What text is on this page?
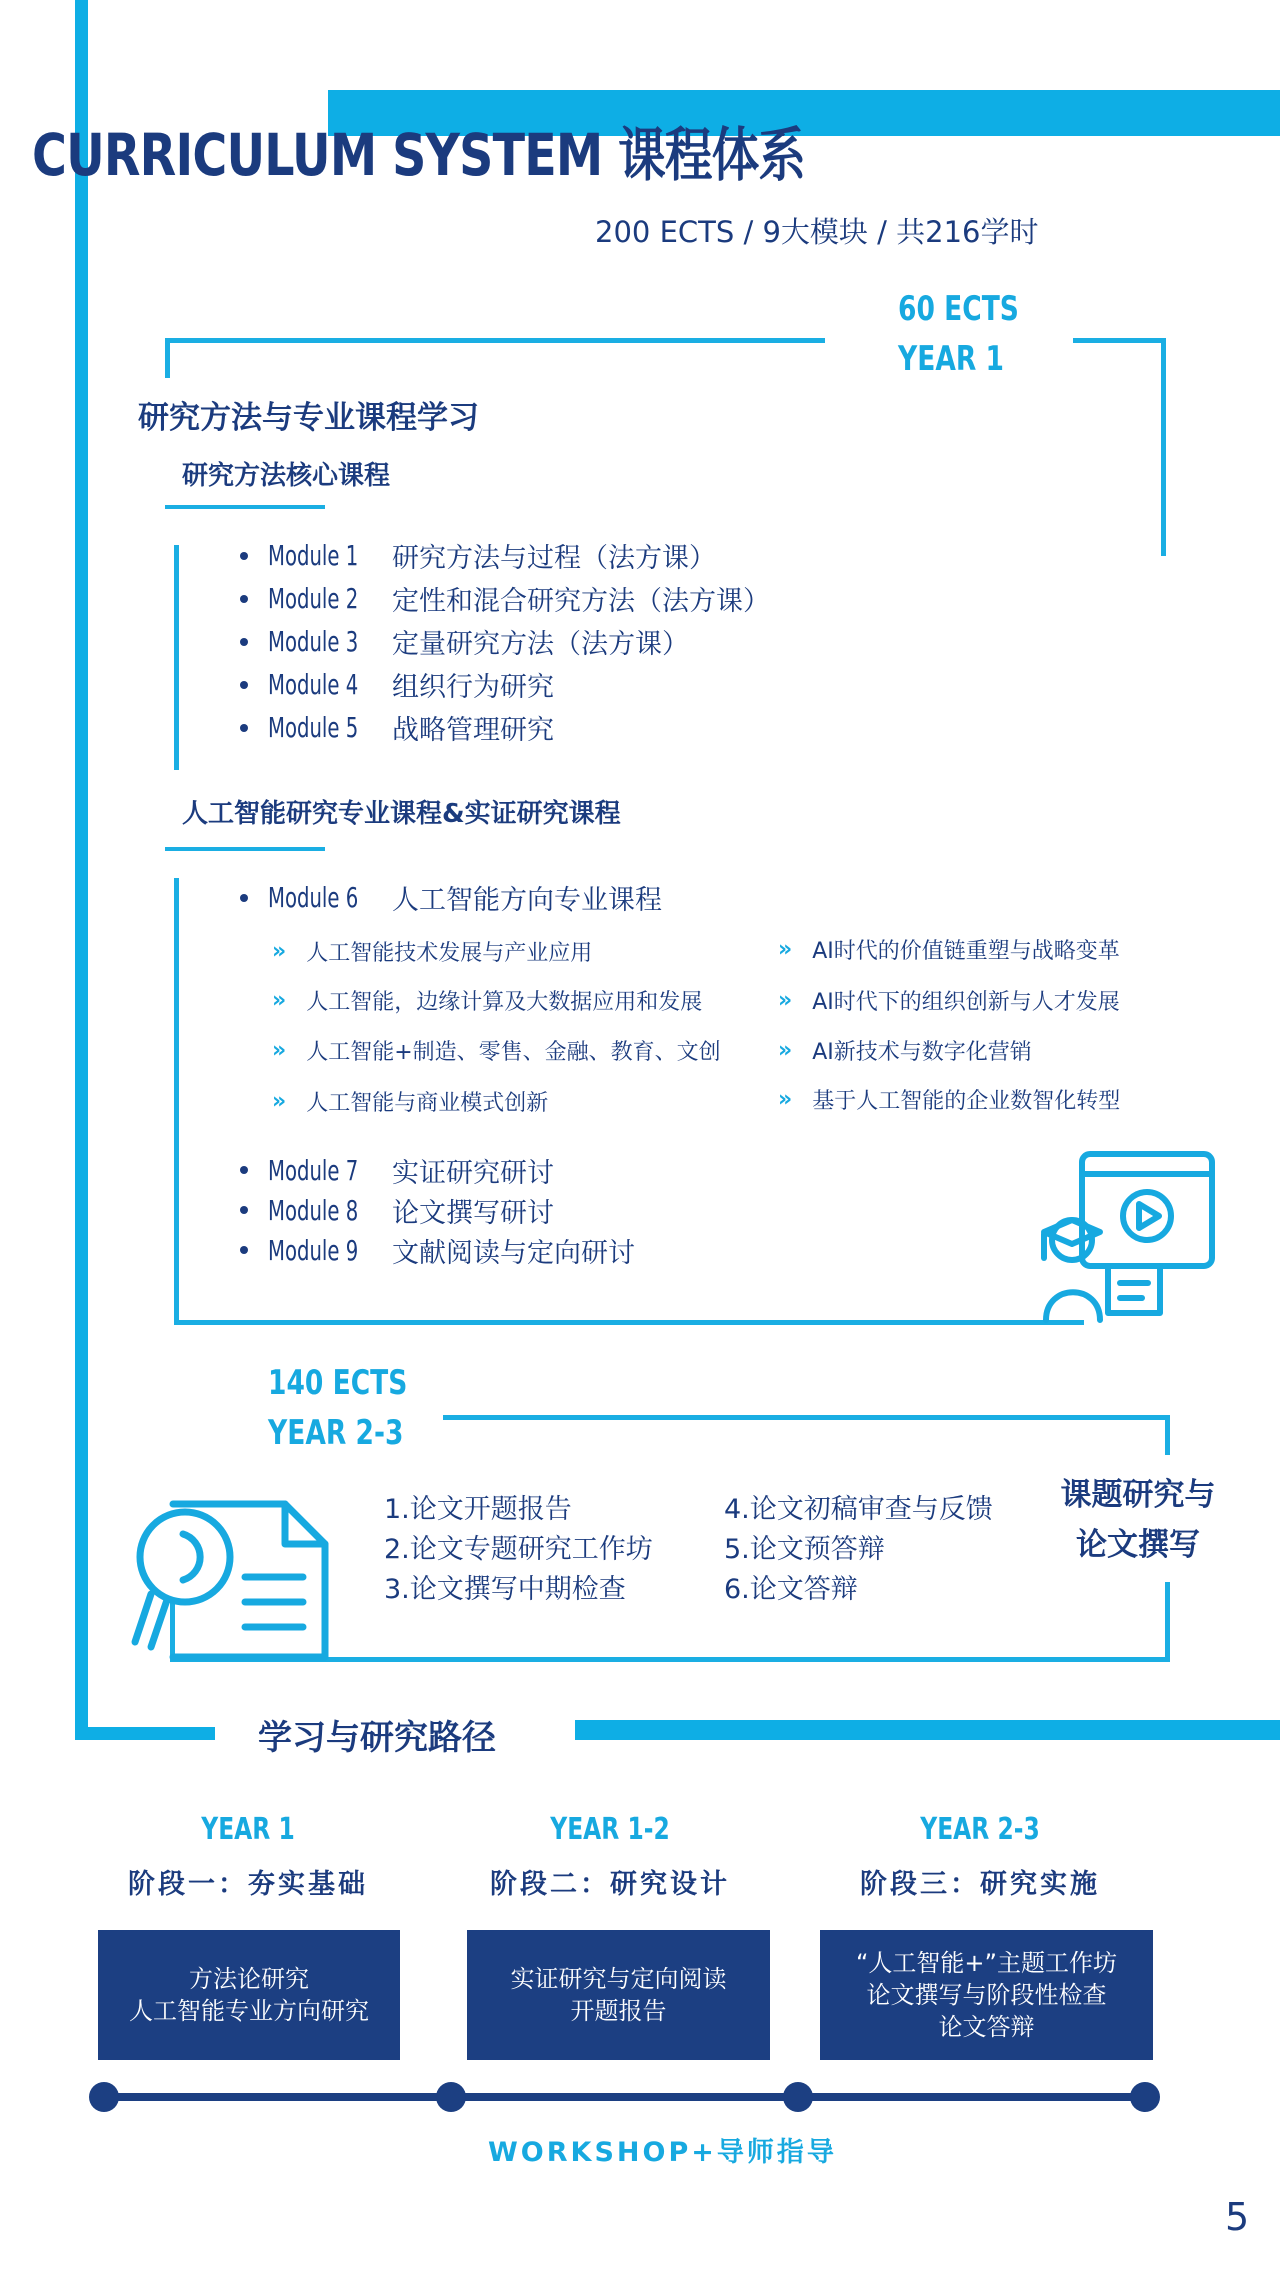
CURRICULUM SYSTEM 课程体系
200 ECTS / 9大模块 / 共216学时
60 ECTS
YEAR 1
研究方法与专业课程学习
研究方法核心课程
Module 1	研究方法与过程（法方课）
Module 2	定性和混合研究方法（法方课）
Module 3	定量研究方法（法方课）
Module 4	组织行为研究
Module 5	战略管理研究
人工智能研究专业课程&实证研究课程
Module 6	人工智能方向专业课程
» 人工智能技术发展与产业应用
» 人工智能，边缘计算及大数据应用和发展
» 人工智能+制造、零售、金融、教育、文创
» 人工智能与商业模式创新
» AI时代的价值链重塑与战略变革
» AI时代下的组织创新与人才发展
» AI新技术与数字化营销
» 基于人工智能的企业数智化转型
Module 7	实证研究研讨
Module 8	论文撰写研讨
Module 9	文献阅读与定向研讨
140 ECTS
YEAR 2-3
1.论文开题报告
2.论文专题研究工作坊
3.论文撰写中期检查
4.论文初稿审查与反馈
5.论文预答辩
6.论文答辩
课题研究与
论文撰写
学习与研究路径
YEAR 1	YEAR 1-2	YEAR 2-3
阶段一：夯实基础	阶段二：研究设计	阶段三：研究实施
方法论研究
人工智能专业方向研究
实证研究与定向阅读
开题报告
“人工智能+”主题工作坊
论文撰写与阶段性检查
论文答辩
WORKSHOP+导师指导
5
